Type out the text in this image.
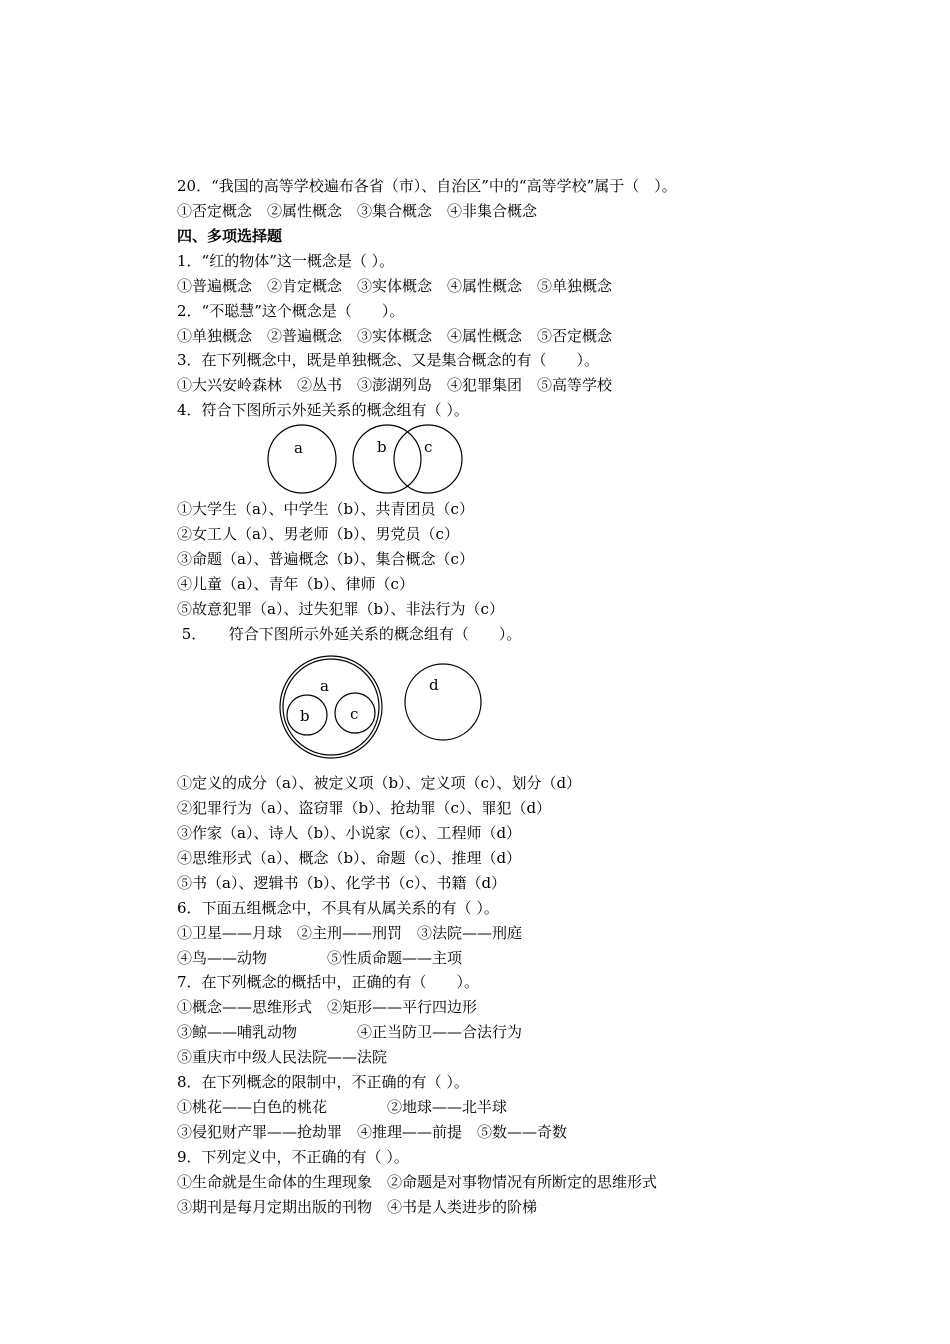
20．“我国的高等学校遍布各省（市）、自治区”中的“高等学校”属于（　）。
①否定概念　②属性概念　③集合概念　④非集合概念
四、多项选择题
1．“红的物体”这一概念是（ ）。
①普遍概念　②肯定概念　③实体概念　④属性概念　⑤单独概念
2．“不聪慧”这个概念是（　　）。
①单独概念　②普遍概念　③实体概念　④属性概念　⑤否定概念
3．在下列概念中，既是单独概念、又是集合概念的有（　　）。
①大兴安岭森林　②丛书　③澎湖列岛　④犯罪集团　⑤高等学校
4．符合下图所示外延关系的概念组有（ ）。
a	b c
①大学生（a）、中学生（b）、共青团员（c）
②女工人（a）、男老师（b）、男党员（c）
③命题（a）、普遍概念（b）、集合概念（c）
④儿童（a）、青年（b）、律师（c）
⑤故意犯罪（a）、过失犯罪（b）、非法行为（c）
5．　　符合下图所示外延关系的概念组有（　　）。
a
b	c
d
①定义的成分（a）、被定义项（b）、定义项（c）、划分（d）
②犯罪行为（a）、盗窃罪（b）、抢劫罪（c）、罪犯（d）
③作家（a）、诗人（b）、小说家（c）、工程师（d）
④思维形式（a）、概念（b）、命题（c）、推理（d）
⑤书（a）、逻辑书（b）、化学书（c）、书籍（d）
6．下面五组概念中，不具有从属关系的有（ ）。
①卫星——月球　②主刑——刑罚　③法院——刑庭
④鸟——动物　　　　⑤性质命题——主项
7．在下列概念的概括中，正确的有（　　）。
①概念——思维形式　②矩形——平行四边形
③鲸——哺乳动物　　　　④正当防卫——合法行为
⑤重庆市中级人民法院——法院
8．在下列概念的限制中，不正确的有（ ）。
①桃花——白色的桃花　　　　②地球——北半球
③侵犯财产罪——抢劫罪　④推理——前提　⑤数——奇数
9．下列定义中，不正确的有（ ）。
①生命就是生命体的生理现象　②命题是对事物情况有所断定的思维形式
③期刊是每月定期出版的刊物　④书是人类进步的阶梯
